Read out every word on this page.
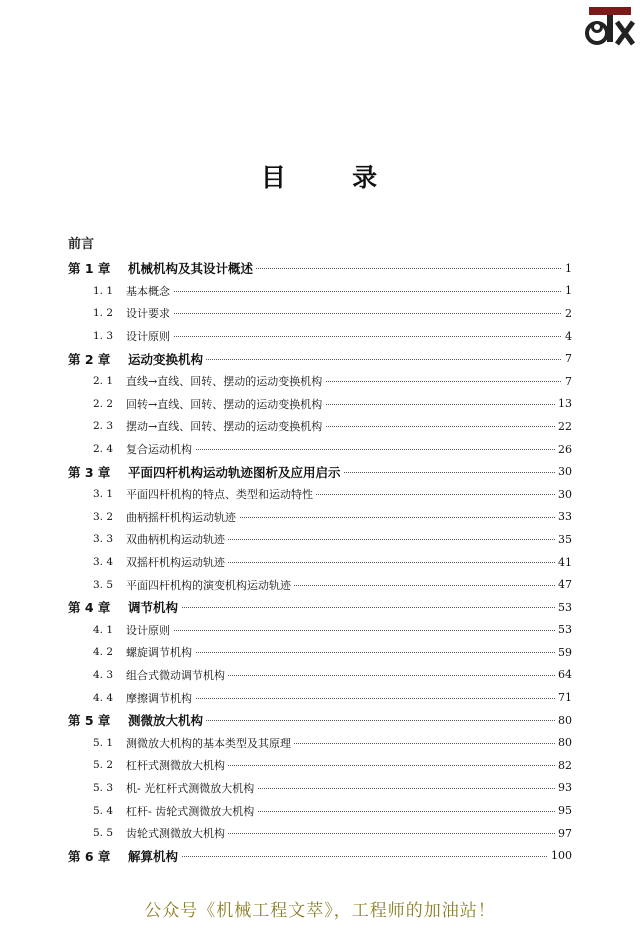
目      录
前言
第 1 章	机械机构及其设计概述	1
1. 1 基本概念	1
1. 2 设计要求	2
1. 3 设计原则	4
第 2 章	运动变换机构	7
2. 1 直线→直线、回转、摆动的运动变换机构	7
2. 2 回转→直线、回转、摆动的运动变换机构	13
2. 3 摆动→直线、回转、摆动的运动变换机构	22
2. 4 复合运动机构	26
第 3 章	平面四杆机构运动轨迹图析及应用启示	30
3. 1 平面四杆机构的特点、类型和运动特性	30
3. 2 曲柄摇杆机构运动轨迹	33
3. 3 双曲柄机构运动轨迹	35
3. 4 双摇杆机构运动轨迹	41
3. 5 平面四杆机构的演变机构运动轨迹	47
第 4 章	调节机构	53
4. 1 设计原则	53
4. 2 螺旋调节机构	59
4. 3 组合式微动调节机构	64
4. 4 摩擦调节机构	71
第 5 章	测微放大机构	80
5. 1 测微放大机构的基本类型及其原理	80
5. 2 杠杆式测微放大机构	82
5. 3 机- 光杠杆式测微放大机构	93
5. 4 杠杆- 齿轮式测微放大机构	95
5. 5 齿轮式测微放大机构	97
第 6 章	解算机构	100
公众号《机械工程文萃》，工程师的加油站！
